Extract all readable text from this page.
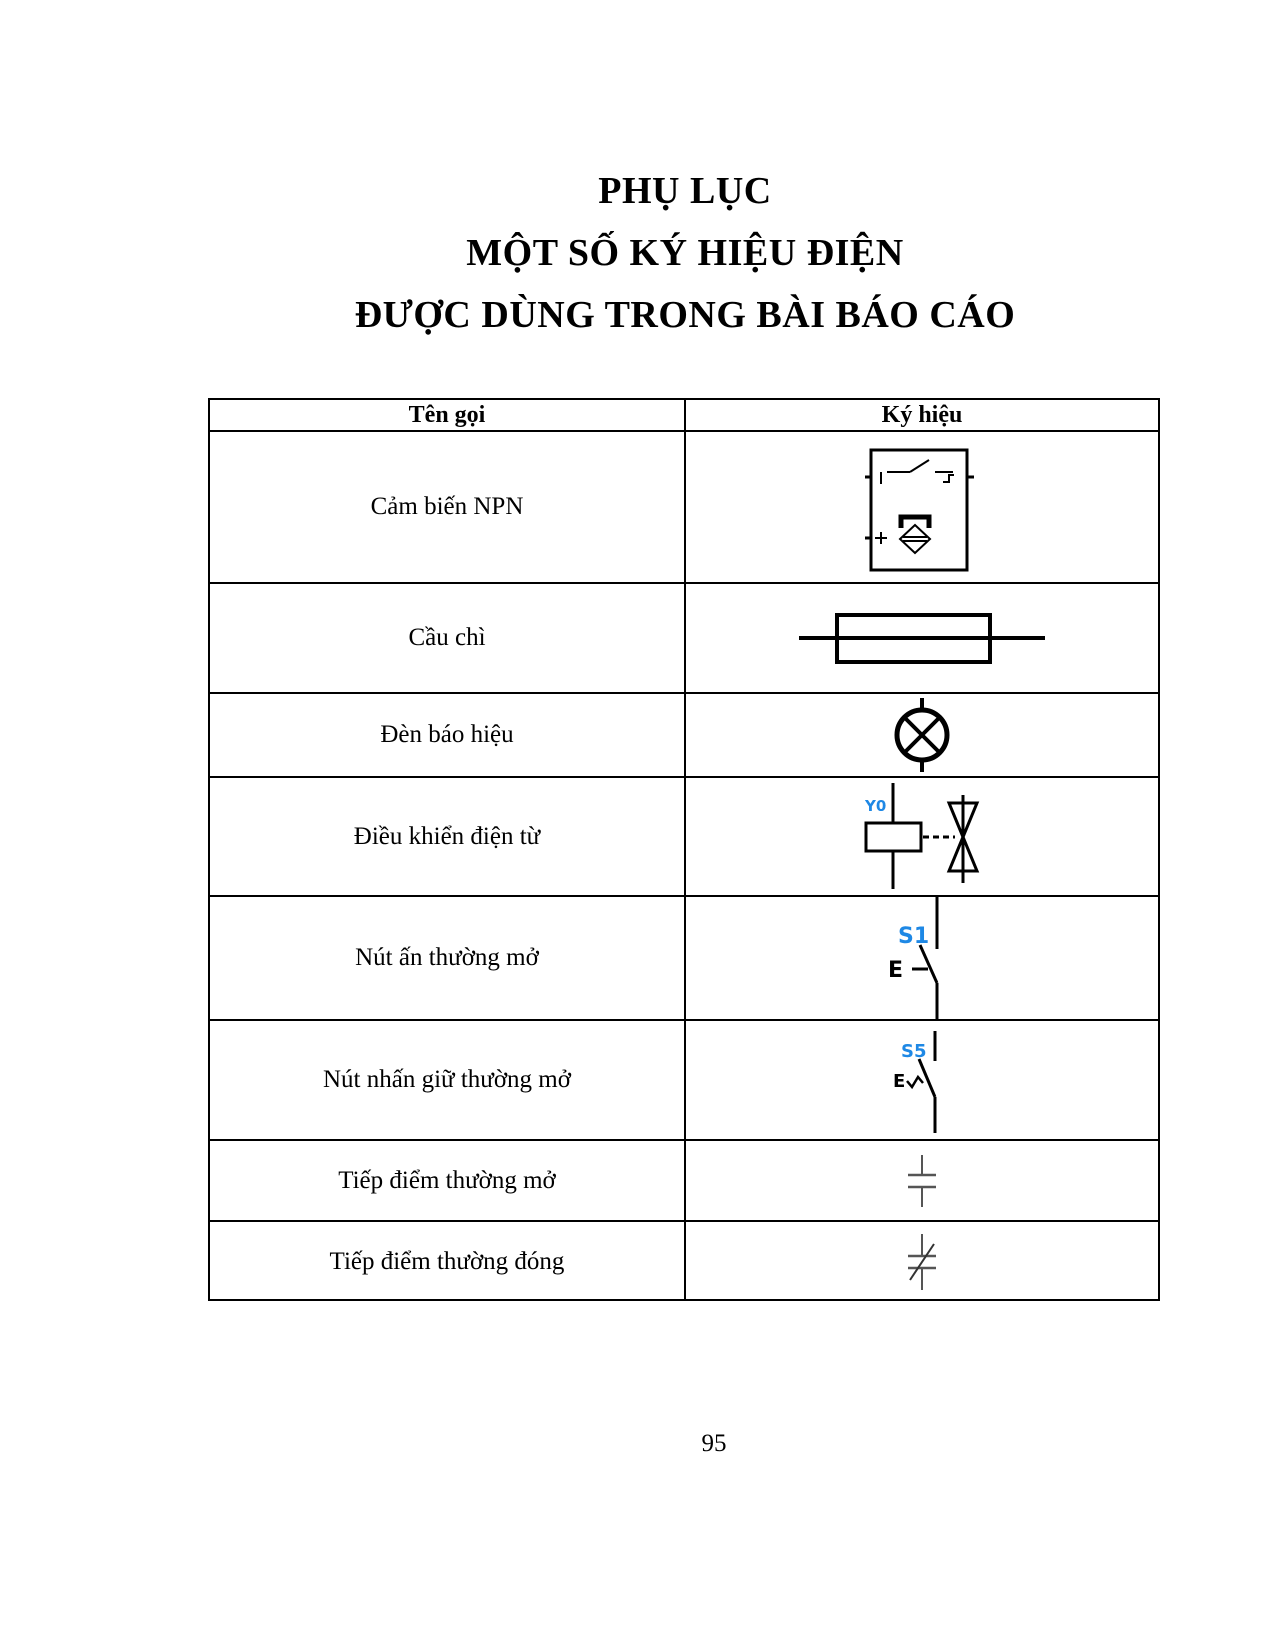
PHỤ LỤC
MỘT SỐ KÝ HIỆU ĐIỆN
ĐƯỢC DÙNG TRONG BÀI BÁO CÁO
Tên gọi	Ký hiệu
Cảm biến NPN
Cầu chì
Đèn báo hiệu
Điều khiển điện từ
Y0
Nút ấn thường mở
S1
E
Nút nhấn giữ thường mở
S5
E
Tiếp điểm thường mở
Tiếp điểm thường đóng
95
